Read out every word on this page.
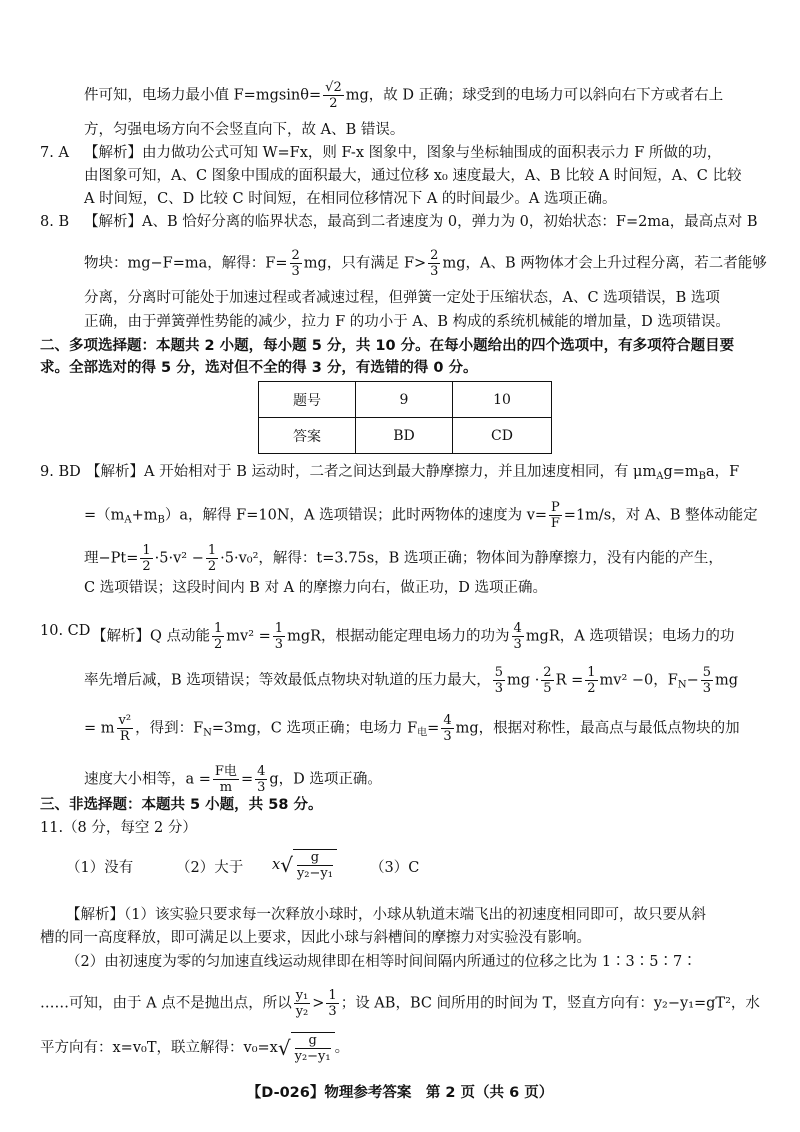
件可知，电场力最小值 $F=mgsin\theta= \frac{√2}{2}$ mg，故 D 正确；球受到的电场力可以斜向右下方或者右上
方，匀强电场方向不会竖直向下，故 A、B 错误。
7. A 【解析】由力做功公式可知 W=Fx，则 F-x 图象中，图象与坐标轴围成的面积表示力 F 所做的功，
由图象可知，A、C 图象中围成的面积最大，通过位移 x₀ 速度最大，A、B 比较 A 时间短，A、C 比较
A 时间短，C、D 比较 C 时间短，在相同位移情况下 A 的时间最少。A 选项正确。
8. B 【解析】A、B 恰好分离的临界状态，最高到二者速度为 0，弹力为 0，初始状态：F=2ma，最高点对 B
物块：mg−F=ma，解得：$F= \frac{2}{3}$ mg，只有满足 $F> \frac{2}{3}$ mg，A、B 两物体才会上升过程分离，若二者能够
分离，分离时可能处于加速过程或者减速过程，但弹簧一定处于压缩状态，A、C 选项错误，B 选项
正确，由于弹簧弹性势能的减少，拉力 F 的功小于 A、B 构成的系统机械能的增加量，D 选项错误。
二、多项选择题：本题共 2 小题，每小题 5 分，共 10 分。在每小题给出的四个选项中，有多项符合题目要
求。全部选对的得 5 分，选对但不全的得 3 分，有选错的得 0 分。
题号	9	10
答案	BD	CD
9. BD 【解析】A 开始相对于 B 运动时，二者之间达到最大静摩擦力，并且加速度相同，有 $\mu m_Ag=m_Ba$，F
$=(m_A+m_B)a$，解得 F=10N，A 选项错误；此时两物体的速度为 $v= \frac{P}{F} =1m/s$，对 A、B 整体动能定
理$-Pt= \frac{1}{2} \cdot 5\cdot v^2 - \frac{1}{2} \cdot 5\cdot v_0^2$，解得：t=3.75s，B 选项正确；物体间为静摩擦力，没有内能的产生，
C 选项错误；这段时间内 B 对 A 的摩擦力向右，做正功，D 选项正确。
10. CD 【解析】Q 点动能 $\frac{1}{2} mv^2 = \frac{1}{3}$ mgR，根据动能定理电场力的功为 $\frac{4}{3}$ mgR，A 选项错误；电场力的功
率先增后减，B 选项错误；等效最低点物块对轨道的压力最大， $\frac{5}{3}$ mg · $\frac{2}{5}$ $R = \frac{1}{2} mv^2 -0$，$F_N- \frac{5}{3}$ mg
= m $\frac{\text{v²}}{R}$ ，得到：$F_N=3mg$，C 选项正确；电场力 $F_电= \frac{4}{3}$ mg，根据对称性，最高点与最低点物块的加
速度大小相等，$a = \frac{\text{F电}}{m} = \frac{4}{3}$ g，D 选项正确。
三、非选择题：本题共 5 小题，共 58 分。
11.（8 分，每空 2 分）
（1）没有	（2）大于 $x√ \frac{g}{\text{y₂−y₁}}$	（3）C
【解析】（1）该实验只要求每一次释放小球时，小球从轨道末端飞出的初速度相同即可，故只要从斜
槽的同一高度释放，即可满足以上要求，因此小球与斜槽间的摩擦力对实验没有影响。
（2）由初速度为零的匀加速直线运动规律即在相等时间间隔内所通过的位移之比为 1∶3∶5∶7∶
……可知，由于 A 点不是抛出点，所以 $\frac{\text{y₁}}{\text{y₂}} > \frac{1}{3}$ ；设 AB，BC 间所用的时间为 T，竖直方向有：y₂−y₁=gT²，水
平方向有：x=v₀T，联立解得：$v_0=x√ \frac{g}{\text{y₂−y₁}}$ 。
【D-026】物理参考答案　第 2 页（共 6 页）
